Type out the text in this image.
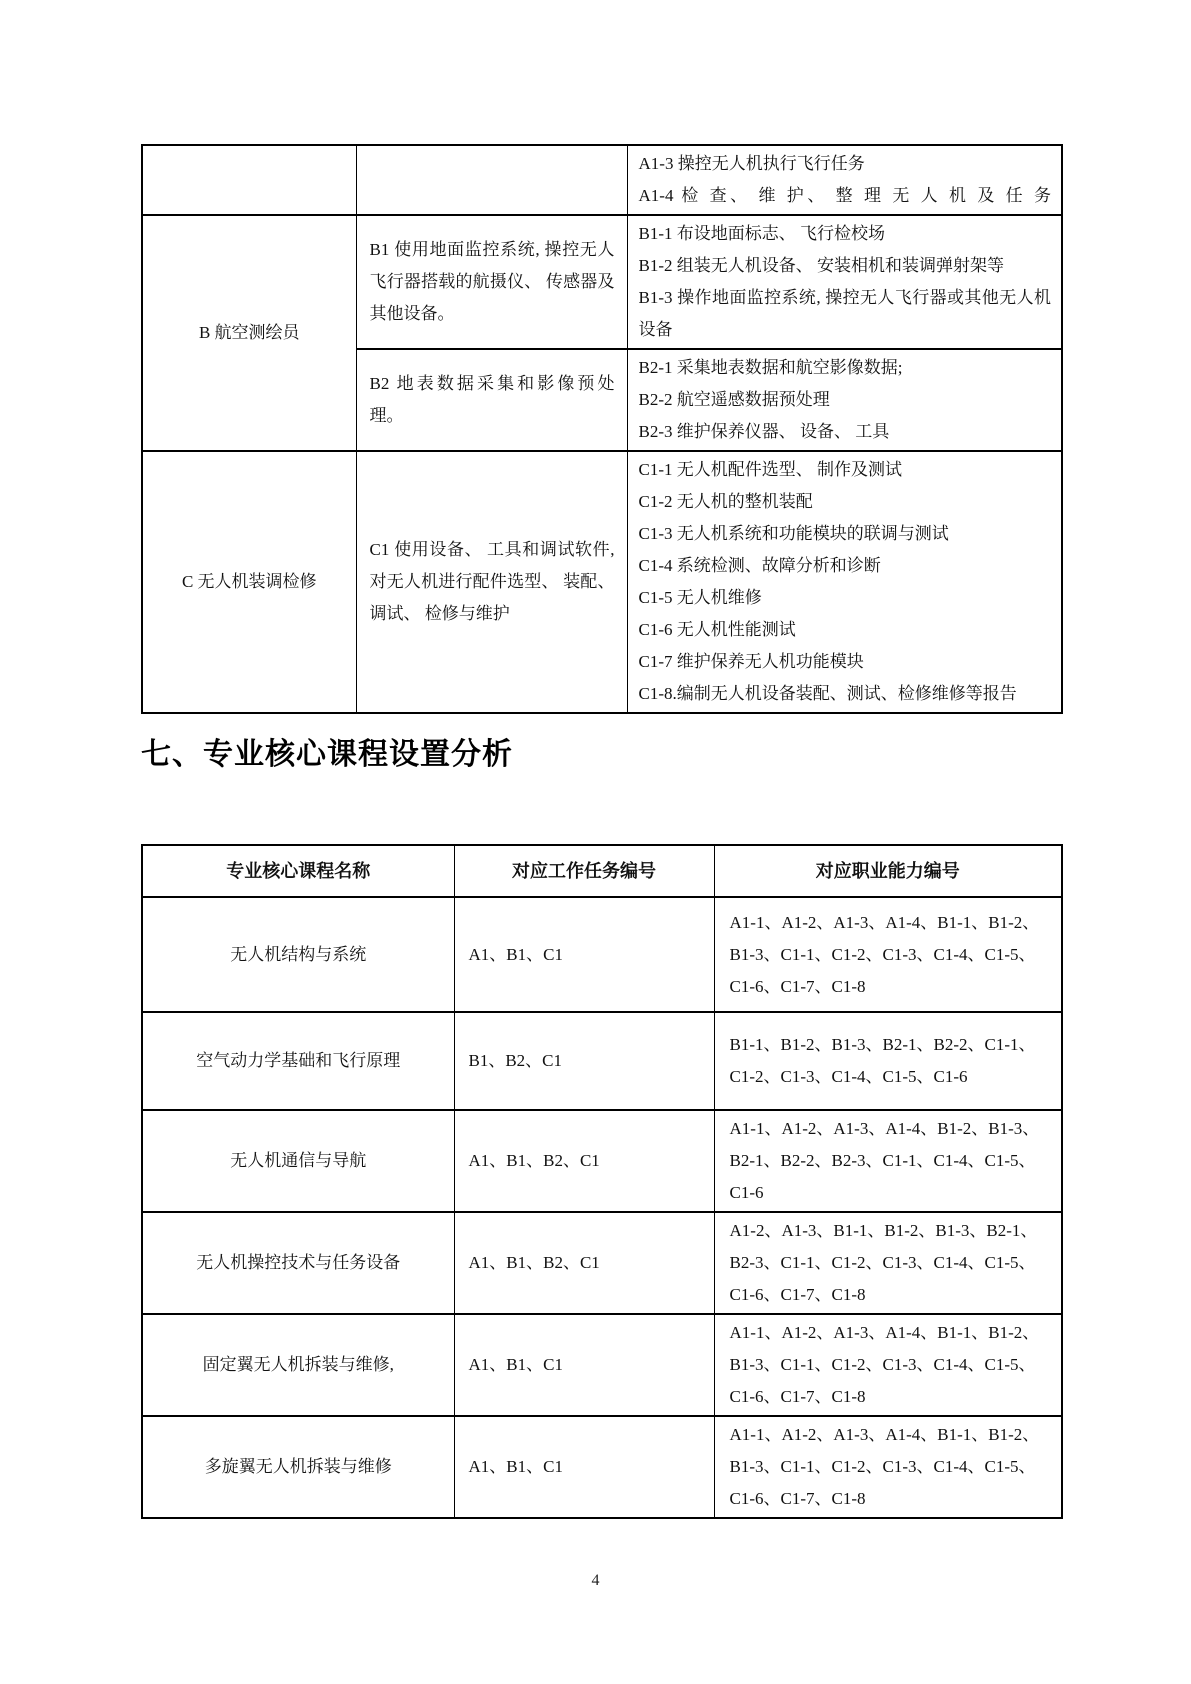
		A1-3 操控无人机执行飞行任务
A1-4 检 查、 维 护、 整 理 无 人 机 及 任 务

B 航空测绘员	B1 使用地面监控系统, 操控无人飞行器搭载的航摄仪、 传感器及其他设备。	B1-1 布设地面标志、 飞行检校场
B1-2 组装无人机设备、 安装相机和装调弹射架等
B1-3 操作地面监控系统, 操控无人飞行器或其他无人机设备

	B2 地表数据采集和影像预处理。	B2-1 采集地表数据和航空影像数据;
B2-2 航空遥感数据预处理
B2-3 维护保养仪器、 设备、 工具

C 无人机装调检修	C1 使用设备、 工具和调试软件, 对无人机进行配件选型、 装配、 调试、 检修与维护	
C1-1 无人机配件选型、 制作及测试
C1-2 无人机的整机装配
C1-3 无人机系统和功能模块的联调与测试
C1-4 系统检测、故障分析和诊断
C1-5 无人机维修
C1-6 无人机性能测试
C1-7 维护保养无人机功能模块
C1-8.编制无人机设备装配、测试、检修维修等报告
七、专业核心课程设置分析
专业核心课程名称	对应工作任务编号	对应职业能力编号
无人机结构与系统	A1、B1、C1	A1-1、A1-2、A1-3、A1-4、B1-1、B1-2、B1-3、C1-1、C1-2、C1-3、C1-4、C1-5、C1-6、C1-7、C1-8
空气动力学基础和飞行原理	B1、B2、C1	B1-1、B1-2、B1-3、B2-1、B2-2、C1-1、C1-2、C1-3、C1-4、C1-5、C1-6
无人机通信与导航	A1、B1、B2、C1	A1-1、A1-2、A1-3、A1-4、B1-2、B1-3、B2-1、B2-2、B2-3、C1-1、C1-4、C1-5、C1-6
无人机操控技术与任务设备	A1、B1、B2、C1	A1-2、A1-3、B1-1、B1-2、B1-3、B2-1、B2-3、C1-1、C1-2、C1-3、C1-4、C1-5、C1-6、C1-7、C1-8
固定翼无人机拆装与维修,	A1、B1、C1	A1-1、A1-2、A1-3、A1-4、B1-1、B1-2、B1-3、C1-1、C1-2、C1-3、C1-4、C1-5、C1-6、C1-7、C1-8
多旋翼无人机拆装与维修	A1、B1、C1	A1-1、A1-2、A1-3、A1-4、B1-1、B1-2、B1-3、C1-1、C1-2、C1-3、C1-4、C1-5、C1-6、C1-7、C1-8
4
